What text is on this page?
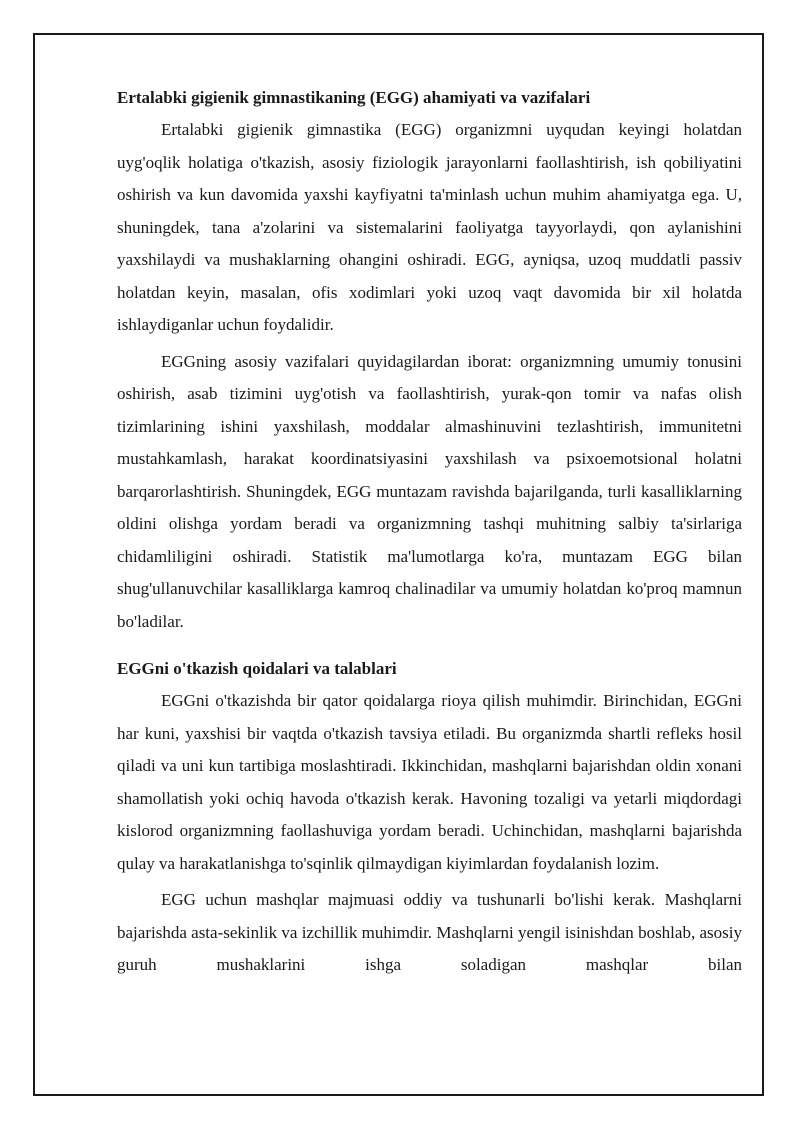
Ertalabki gigienik gimnastikaning (EGG) ahamiyati va vazifalari

Ertalabki gigienik gimnastika (EGG) organizmni uyqudan keyingi holatdan uyg'oqlik holatiga o'tkazish, asosiy fiziologik jarayonlarni faollashtirish, ish qobiliyatini oshirish va kun davomida yaxshi kayfiyatni ta'minlash uchun muhim ahamiyatga ega. U, shuningdek, tana a'zolarini va sistemalarini faoliyatga tayyorlaydi, qon aylanishini yaxshilaydi va mushaklarning ohangini oshiradi. EGG, ayniqsa, uzoq muddatli passiv holatdan keyin, masalan, ofis xodimlari yoki uzoq vaqt davomida bir xil holatda ishlaydiganlar uchun foydalidir.

EGGning asosiy vazifalari quyidagilardan iborat: organizmning umumiy tonusini oshirish, asab tizimini uyg'otish va faollashtirish, yurak-qon tomir va nafas olish tizimlarining ishini yaxshilash, moddalar almashinuvini tezlashtirish, immunitetni mustahkamlash, harakat koordinatsiyasini yaxshilash va psixoemotsional holatni barqarorlashtirish. Shuningdek, EGG muntazam ravishda bajarilganda, turli kasalliklarning oldini olishga yordam beradi va organizmning tashqi muhitning salbiy ta'sirlariga chidamliligini oshiradi. Statistik ma'lumotlarga ko'ra, muntazam EGG bilan shug'ullanuvchilar kasalliklarga kamroq chalinadilar va umumiy holatdan ko'proq mamnun bo'ladilar.

EGGni o'tkazish qoidalari va talablari

EGGni o'tkazishda bir qator qoidalarga rioya qilish muhimdir. Birinchidan, EGGni har kuni, yaxshisi bir vaqtda o'tkazish tavsiya etiladi. Bu organizmda shartli refleks hosil qiladi va uni kun tartibiga moslashtiradi. Ikkinchidan, mashqlarni bajarishdan oldin xonani shamollatish yoki ochiq havoda o'tkazish kerak. Havoning tozaligi va yetarli miqdordagi kislorod organizmning faollashuviga yordam beradi. Uchinchidan, mashqlarni bajarishda qulay va harakatlanishga to'sqinlik qilmaydigan kiyimlardan foydalanish lozim.

EGG uchun mashqlar majmuasi oddiy va tushunarli bo'lishi kerak. Mashqlarni bajarishda asta-sekinlik va izchillik muhimdir. Mashqlarni yengil isinishdan boshlab, asosiy guruh mushaklarini ishga soladigan mashqlar bilan
